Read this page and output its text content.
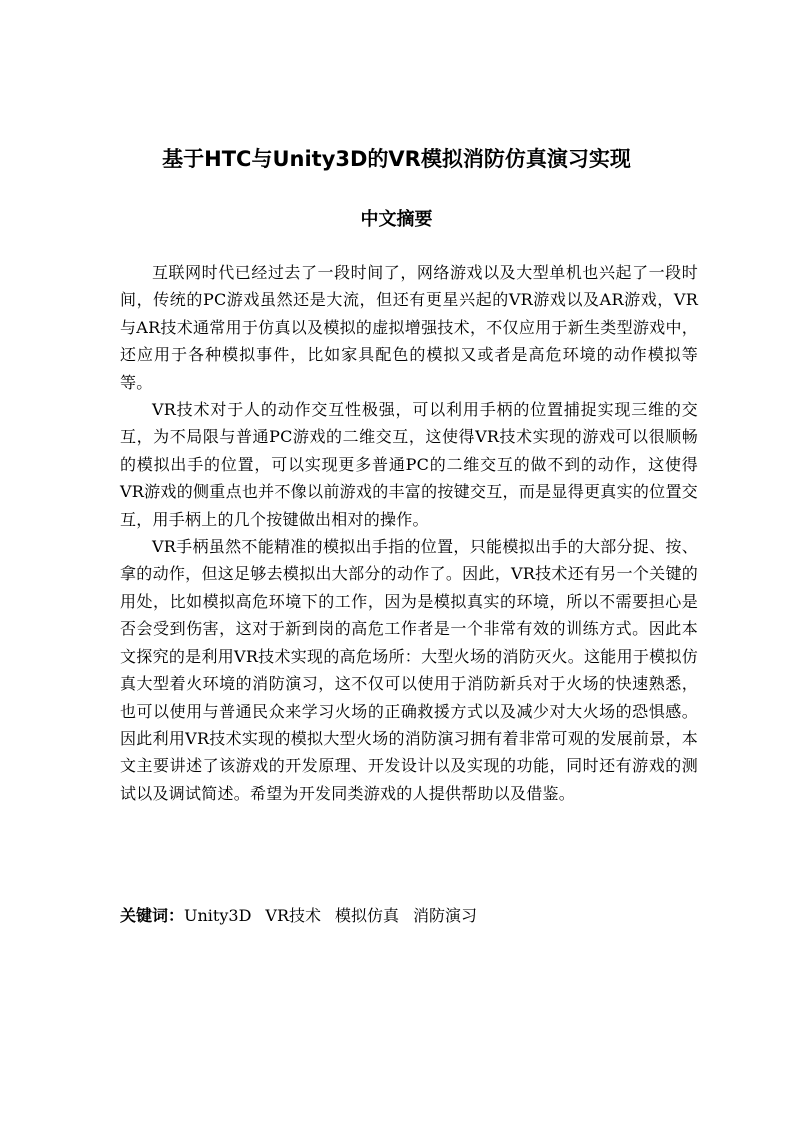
基于HTC与Unity3D的VR模拟消防仿真演习实现
中文摘要

互联网时代已经过去了一段时间了，网络游戏以及大型单机也兴起了一段时间，传统的PC游戏虽然还是大流，但还有更星兴起的VR游戏以及AR游戏，VR与AR技术通常用于仿真以及模拟的虚拟增强技术，不仅应用于新生类型游戏中，还应用于各种模拟事件，比如家具配色的模拟又或者是高危环境的动作模拟等等。

VR技术对于人的动作交互性极强，可以利用手柄的位置捕捉实现三维的交互，为不局限与普通PC游戏的二维交互，这使得VR技术实现的游戏可以很顺畅的模拟出手的位置，可以实现更多普通PC的二维交互的做不到的动作，这使得VR游戏的侧重点也并不像以前游戏的丰富的按键交互，而是显得更真实的位置交互，用手柄上的几个按键做出相对的操作。

VR手柄虽然不能精准的模拟出手指的位置，只能模拟出手的大部分捉、按、拿的动作，但这足够去模拟出大部分的动作了。因此，VR技术还有另一个关键的用处，比如模拟高危环境下的工作，因为是模拟真实的环境，所以不需要担心是否会受到伤害，这对于新到岗的高危工作者是一个非常有效的训练方式。因此本文探究的是利用VR技术实现的高危场所：大型火场的消防灭火。这能用于模拟仿真大型着火环境的消防演习，这不仅可以使用于消防新兵对于火场的快速熟悉，也可以使用与普通民众来学习火场的正确救援方式以及减少对大火场的恐惧感。因此利用VR技术实现的模拟大型火场的消防演习拥有着非常可观的发展前景，本文主要讲述了该游戏的开发原理、开发设计以及实现的功能，同时还有游戏的测试以及调试简述。希望为开发同类游戏的人提供帮助以及借鉴。

关键词：Unity3D VR技术 模拟仿真 消防演习
